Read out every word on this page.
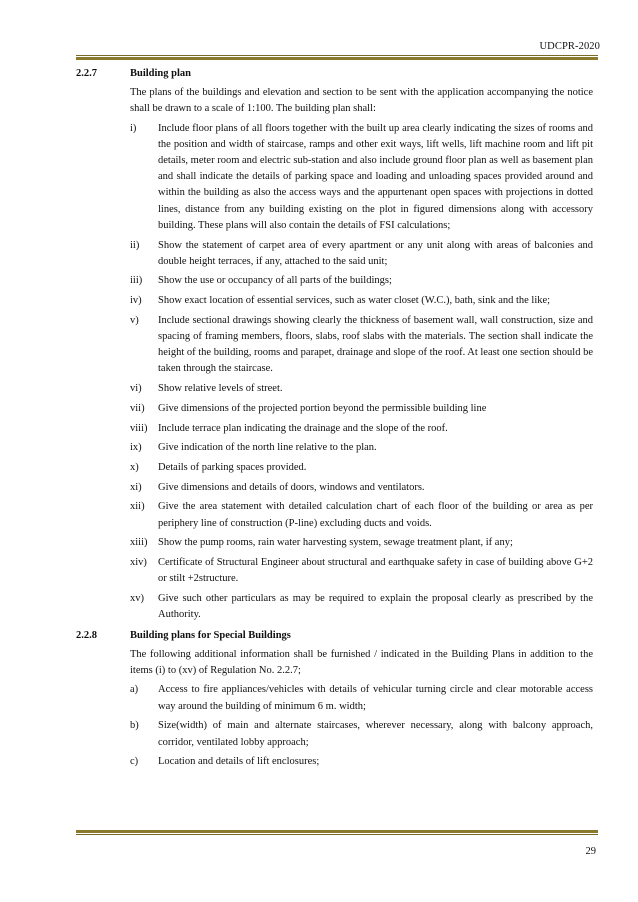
UDCPR-2020
2.2.7	Building plan
The plans of the buildings and elevation and section to be sent with the application accompanying the notice shall be drawn to a scale of 1:100. The building plan shall:
i)	Include floor plans of all floors together with the built up area clearly indicating the sizes of rooms and the position and width of staircase, ramps and other exit ways, lift wells, lift machine room and lift pit details, meter room and electric sub-station and also include ground floor plan as well as basement plan and shall indicate the details of parking space and loading and unloading spaces provided around and within the building as also the access ways and the appurtenant open spaces with projections in dotted lines, distance from any building existing on the plot in figured dimensions along with accessory building. These plans will also contain the details of FSI calculations;
ii)	Show the statement of carpet area of every apartment or any unit along with areas of balconies and double height terraces, if any, attached to the said unit;
iii)	Show the use or occupancy of all parts of the buildings;
iv)	Show exact location of essential services, such as water closet (W.C.), bath, sink and the like;
v)	Include sectional drawings showing clearly the thickness of basement wall, wall construction, size and spacing of framing members, floors, slabs, roof slabs with the materials. The section shall indicate the height of the building, rooms and parapet, drainage and slope of the roof. At least one section should be taken through the staircase.
vi)	Show relative levels of street.
vii)	Give dimensions of the projected portion beyond the permissible building line
viii)	Include terrace plan indicating the drainage and the slope of the roof.
ix)	Give indication of the north line relative to the plan.
x)	Details of parking spaces provided.
xi)	Give dimensions and details of doors, windows and ventilators.
xii)	Give the area statement with detailed calculation chart of each floor of the building or area as per periphery line of construction (P-line) excluding ducts and voids.
xiii)	Show the pump rooms, rain water harvesting system, sewage treatment plant, if any;
xiv)	Certificate of Structural Engineer about structural and earthquake safety in case of building above G+2 or stilt +2structure.
xv)	Give such other particulars as may be required to explain the proposal clearly as prescribed by the Authority.
2.2.8	Building plans for Special Buildings
The following additional information shall be furnished / indicated in the Building Plans in addition to the items (i) to (xv) of Regulation No. 2.2.7;
a)	Access to fire appliances/vehicles with details of vehicular turning circle and clear motorable access way around the building of minimum 6 m. width;
b)	Size(width) of main and alternate staircases, wherever necessary, along with balcony approach, corridor, ventilated lobby approach;
c)	Location and details of lift enclosures;
29
